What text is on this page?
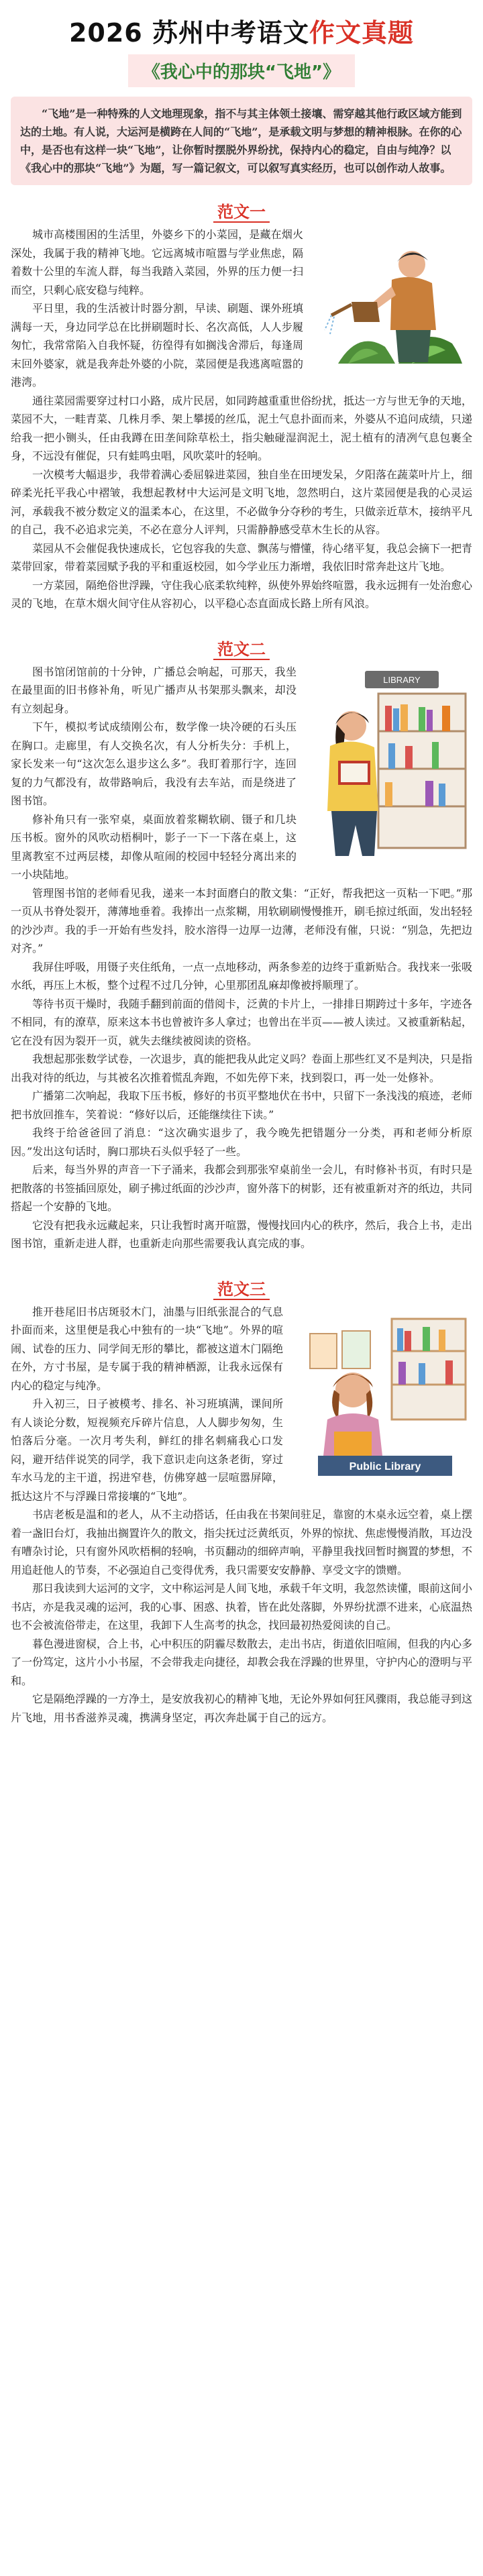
2026 苏州中考语文作文真题
《我心中的那块“飞地”》
“飞地”是一种特殊的人文地理现象，指不与其主体领土接壤、需穿越其他行政区域方能到达的土地。有人说，大运河是横跨在人间的“飞地”，是承载文明与梦想的精神根脉。在你的心中，是否也有这样一块“飞地”，让你暂时摆脱外界纷扰，保持内心的稳定，自由与纯净？以《我心中的那块“飞地”》为题，写一篇记叙文，可以叙写真实经历，也可以创作动人故事。
范文一

城市高楼围困的生活里，外婆乡下的小菜园，是藏在烟火深处，我属于我的精神飞地。它远离城市喧嚣与学业焦虑，隔着数十公里的车流人群，每当我踏入菜园，外界的压力便一扫而空，只剩心底安稳与纯粹。

平日里，我的生活被计时器分割，早读、刷题、课外班填满每一天，身边同学总在比拼刷题时长、名次高低，人人步履匆忙，我常常陷入自我怀疑，彷徨得有如搁浅舍滞后，每逢周末回外婆家，就是我奔赴外婆的小院，菜园便是我逃离喧嚣的港湾。

通往菜园需要穿过村口小路，成片民居，如同跨越重重世俗纷扰，抵达一方与世无争的天地，菜园不大，一畦青菜、几株月季、架上攀援的丝瓜，泥土气息扑面而来，外婆从不追问成绩，只递给我一把小铡头，任由我蹲在田垄间除草松土，指尖触碰湿润泥土，泥土植有的清冽气息包裹全身，不远没有催促，只有蛙鸣虫唱，风吹菜叶的轻响。

一次模考大幅退步，我带着满心委屈躲进菜园，独自坐在田埂发呆，夕阳落在蔬菜叶片上，细碎柔光托平我心中褶皱，我想起教材中大运河是文明飞地，忽然明白，这片菜园便是我的心灵运河，承载我不被分数定义的温柔本心，在这里，不必做争分夺秒的考生，只做亲近草木，接纳平凡的自己，我不必追求完美，不必在意分人评判，只需静静感受草木生长的从容。

菜园从不会催促我快速成长，它包容我的失意、飘荡与懵懂，待心绪平复，我总会摘下一把青菜带回家，带着菜园赋予我的平和重返校园，如今学业压力渐增，我依旧时常奔赴这片飞地。

一方菜园，隔绝俗世浮躁，守住我心底柔软纯粹，纵使外界始终喧嚣，我永远拥有一处治愈心灵的飞地，在草木烟火间守住从容初心，以平稳心态直面成长路上所有风浪。

范文二
LIBRARY

图书馆闭馆前的十分钟，广播总会响起，可那天，我坐在最里面的旧书修补角，听见广播声从书架那头飘来，却没有立刻起身。

下午，模拟考试成绩刚公布，数学像一块冷硬的石头压在胸口。走廊里，有人交换名次，有人分析失分：手机上，家长发来一句“这次怎么退步这么多”。我盯着那行字，连回复的力气都没有，故带路响后，我没有去车站，而是绕进了图书馆。

修补角只有一张窄桌，桌面放着浆糊软刷、镊子和几块压书板。窗外的风吹动梧桐叶，影子一下一下落在桌上，这里离教室不过两层楼，却像从喧闹的校园中轻轻分离出来的一小块陆地。

管理图书馆的老师看见我，递来一本封面磨白的散文集：“正好，帮我把这一页粘一下吧。”那一页从书脊处裂开，薄薄地垂着。我捧出一点浆糊，用软刷刷慢慢推开，刷毛掠过纸面，发出轻轻的沙沙声。我的手一开始有些发抖，胶水溶得一边厚一边薄，老师没有催，只说：“别急，先把边对齐。”

我屏住呼吸，用镊子夹住纸角，一点一点地移动，两条参差的边终于重新贴合。我找来一张吸水纸，再压上木板，整个过程不过几分钟，心里那团乱麻却像被捋顺理了。

等待书页干燥时，我随手翻到前面的借阅卡，泛黄的卡片上，一排排日期跨过十多年，字迹各不相同，有的潦草，原来这本书也曾被许多人拿过；也曾出在半页——被人读过。又被重新粘起，它在没有因为裂开一页，就失去继续被阅读的资格。

我想起那张数学试卷，一次退步，真的能把我从此定义吗？卷面上那些红叉不是判决，只是指出我对待的纸边，与其被名次推着慌乱奔跑，不如先停下来，找到裂口，再一处一处修补。

广播第二次响起，我取下压书板，修好的书页平整地伏在书中，只留下一条浅浅的痕迹，老师把书放回推车，笑着说：“修好以后，还能继续往下读。”

我终于给爸爸回了消息：“这次确实退步了，我今晚先把错题分一分类，再和老师分析原因。”发出这句话时，胸口那块石头似乎轻了一些。

后来，每当外界的声音一下子涌来，我都会到那张窄桌前坐一会儿，有时修补书页，有时只是把散落的书签插回原处，刷子拂过纸面的沙沙声，窗外落下的树影，还有被重新对齐的纸边，共同搭起一个安静的飞地。

它没有把我永远藏起来，只让我暂时离开喧嚣，慢慢找回内心的秩序，然后，我合上书，走出图书馆，重新走进人群，也重新走向那些需要我认真完成的事。

范文三
Public Library

推开巷尾旧书店斑驳木门，油墨与旧纸张混合的气息扑面而来，这里便是我心中独有的一块“飞地”。外界的喧闹、试卷的压力、同学间无形的攀比，都被这道木门隔绝在外，方寸书屋，是专属于我的精神栖源，让我永远保有内心的稳定与纯净。

升入初三，日子被模考、排名、补习班填满，课间所有人谈论分数，短视频充斥碎片信息，人人脚步匆匆，生怕落后分毫。一次月考失利，鲜红的排名刺痛我心口发闷，避开结伴说笑的同学，我下意识走向这条老街，穿过车水马龙的主干道，拐进窄巷，仿佛穿越一层喧嚣屏障，抵达这片不与浮躁日常接壤的“飞地”。

书店老板是温和的老人，从不主动搭话，任由我在书架间驻足，靠窗的木桌永远空着，桌上摆着一盏旧台灯，我抽出搁置许久的散文，指尖抚过泛黄纸页，外界的惊扰、焦虑慢慢消散，耳边没有嘈杂讨论，只有窗外风吹梧桐的轻响，书页翻动的细碎声响，平静里我找回暂时搁置的梦想，不用追赶他人的节奏，不必强迫自己变得优秀，我只需要安安静静、享受文字的馈赠。

那日我读到大运河的文字，文中称运河是人间飞地，承载千年文明，我忽然读懂，眼前这间小书店，亦是我灵魂的运河，我的心事、困惑、执着，皆在此处落脚，外界纷扰漂不进来，心底温热也不会被流俗带走，在这里，我卸下人生高考的执念，找回最初热爱阅读的自己。

暮色漫进窗棂，合上书，心中积压的阴霾尽数散去，走出书店，街道依旧喧闹，但我的内心多了一份笃定，这片小小书屋，不会带我走向捷径，却教会我在浮躁的世界里，守护内心的澄明与平和。

它是隔绝浮躁的一方净土，是安放我初心的精神飞地，无论外界如何狂风骤雨，我总能寻到这片飞地，用书香滋养灵魂，携满身坚定，再次奔赴属于自己的远方。
